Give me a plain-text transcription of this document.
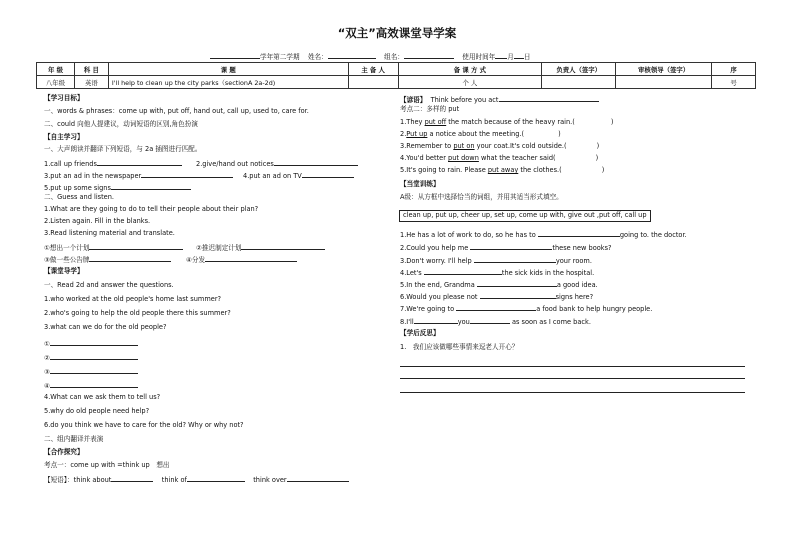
“双主”高效课堂导学案
学年第二学期 姓名：	组名：	使用时间年 月 日
年 级	科 目	课 题	主 备 人	备 课 方 式	负责人（签字）	审核领导（签字）	序
八年级	英语	I'll help to clean up the city parks（sectionA 2a-2d)		个 人			号
【学习目标】
一、words & phrases：come up with, put off, hand out, call up, used to, care for.
二、could 向他人提建议，动词短语的区别,角色扮演
【自主学习】
一、大声朗读并翻译下列短语，与 2a 插图进行匹配。
1.call up friends	2.give/hand out notices
3.put an ad in the newspaper	4.put an ad on TV
5.put up some signs
二、Guess and listen.
1.What are they going to do to tell their people about their plan?
2.Listen again. Fill in the blanks.
3.Read listening material and translate.
①想出一个计划	②推迟制定计划
③做一些公告牌	④分发
【课堂导学】
一、Read 2d and answer the questions.
1.who worked at the old people's home last summer?
2.who's going to help the old people there this summer?
3.what can we do for the old people?
①
②
③
④
4.What can we ask them to tell us?
5.why do old people need help?
6.do you think we have to care for the old? Why or why not?
二、组内翻译并表演
【合作探究】
考点一：come up with =think up　想出
【短语】：think about	think of	think over
【谚语】 Think before you act
考点二：多样的 put
1.They put off the match because of the heavy rain.(	)
2.Put up a notice about the meeting.(	)
3.Remember to put on your coat.It's cold outside.(	)
4.You'd better put down what the teacher said(	)
5.It's going to rain. Please put away the clothes.(	)
【当堂训练】
A级：从方框中选择恰当的词组，并用其适当形式填空。
clean up, put up, cheer up, set up, come up with, give out ,put off, call up
1.He has a lot of work to do, so he has to	going to. the doctor.
2.Could you help me	these new books?
3.Don't worry. I'll help	your room.
4.Let's	the sick kids in the hospital.
5.In the end, Grandma	a good idea.
6.Would you please not	signs here?
7.We're going to	a food bank to help hungry people.
8.I'll	you	as soon as I come back.
【学后反思】
1.　我们应该做哪些事情来逗老人开心？
